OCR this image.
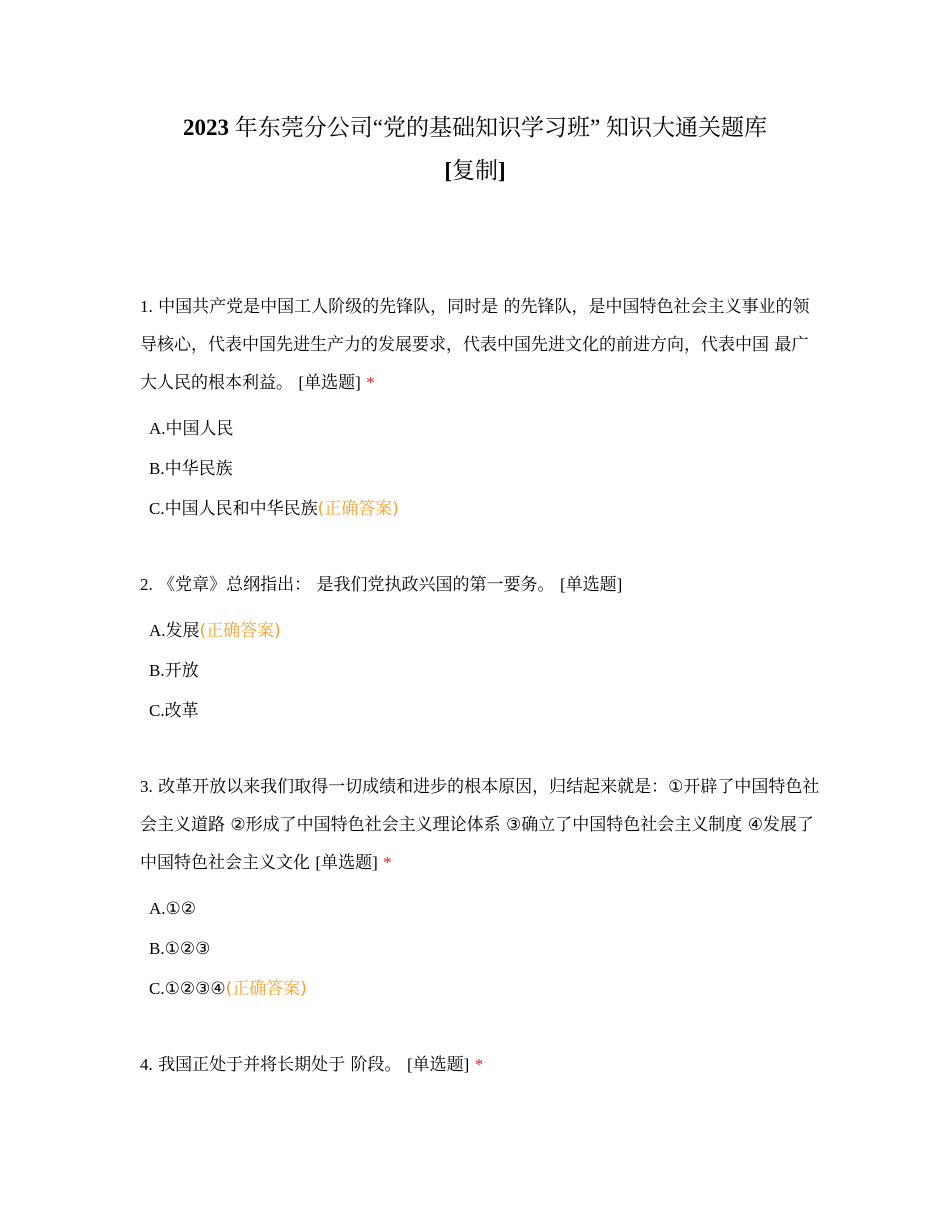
2023 年东莞分公司“党的基础知识学习班” 知识大通关题库
[复制]
1. 中国共产党是中国工人阶级的先锋队，同时是 的先锋队，是中国特色社会主义事业的领导核心，代表中国先进生产力的发展要求，代表中国先进文化的前进方向，代表中国 最广大人民的根本利益。 [单选题] *
A.中国人民
B.中华民族
C.中国人民和中华民族(正确答案)
2. 《党章》总纲指出： 是我们党执政兴国的第一要务。 [单选题]
A.发展(正确答案)
B.开放
C.改革
3. 改革开放以来我们取得一切成绩和进步的根本原因，归结起来就是：①开辟了中国特色社会主义道路 ②形成了中国特色社会主义理论体系 ③确立了中国特色社会主义制度 ④发展了中国特色社会主义文化 [单选题] *
A.①②
B.①②③
C.①②③④(正确答案)
4. 我国正处于并将长期处于 阶段。 [单选题] *
